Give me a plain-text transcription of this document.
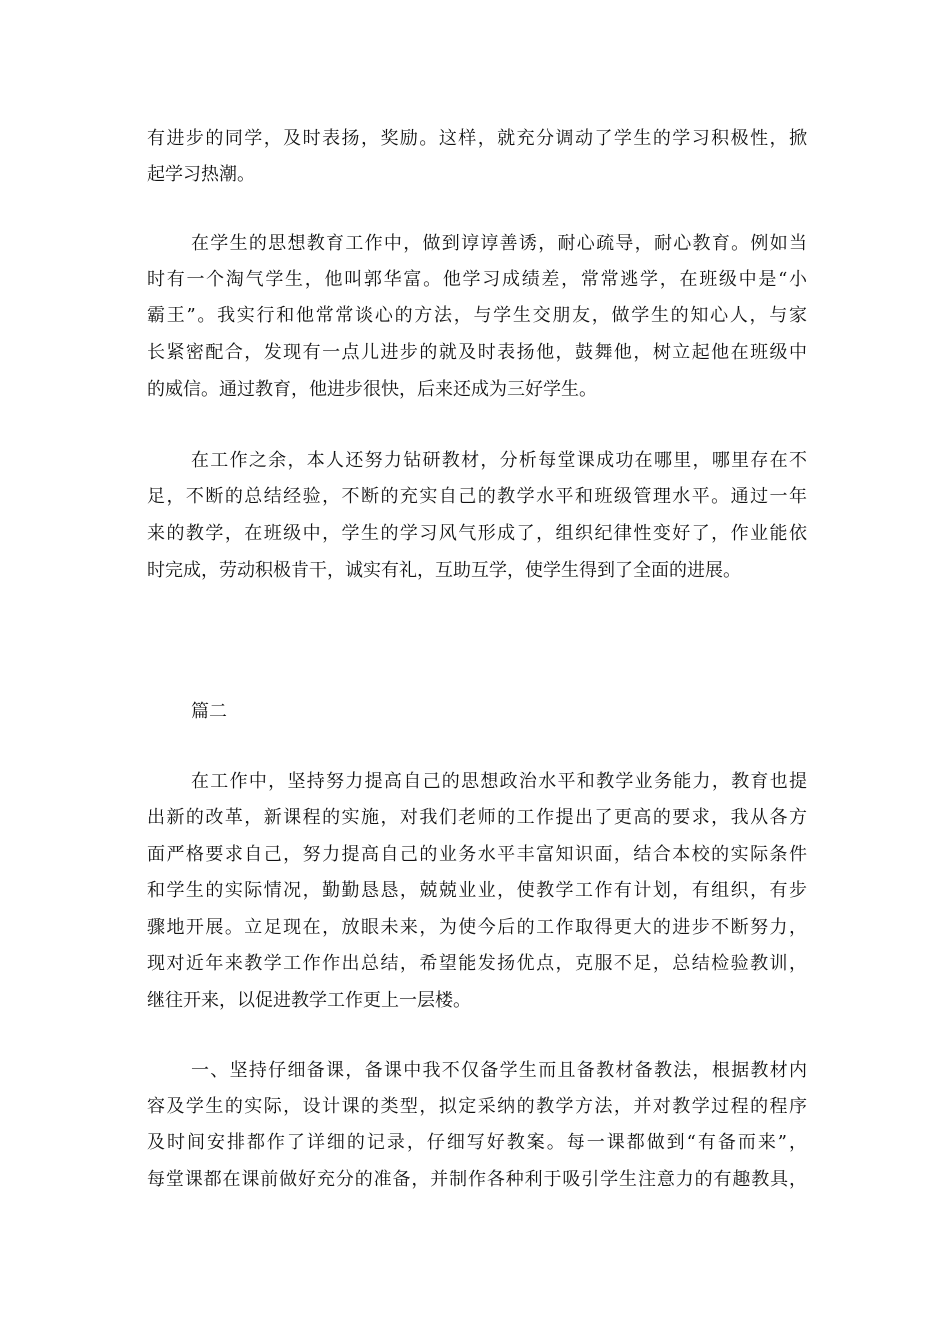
有进步的同学，及时表扬，奖励。这样，就充分调动了学生的学习积极性，掀
起学习热潮。
在学生的思想教育工作中，做到谆谆善诱，耐心疏导，耐心教育。例如当
时有一个淘气学生，他叫郭华富。他学习成绩差，常常逃学，在班级中是“小
霸王”。我实行和他常常谈心的方法，与学生交朋友，做学生的知心人，与家
长紧密配合，发现有一点儿进步的就及时表扬他，鼓舞他，树立起他在班级中
的威信。通过教育，他进步很快，后来还成为三好学生。
在工作之余，本人还努力钻研教材，分析每堂课成功在哪里，哪里存在不
足，不断的总结经验，不断的充实自己的教学水平和班级管理水平。通过一年
来的教学，在班级中，学生的学习风气形成了，组织纪律性变好了，作业能依
时完成，劳动积极肯干，诚实有礼，互助互学，使学生得到了全面的进展。
篇二
在工作中，坚持努力提高自己的思想政治水平和教学业务能力，教育也提
出新的改革，新课程的实施，对我们老师的工作提出了更高的要求，我从各方
面严格要求自己，努力提高自己的业务水平丰富知识面，结合本校的实际条件
和学生的实际情况，勤勤恳恳，兢兢业业，使教学工作有计划，有组织，有步
骤地开展。立足现在，放眼未来，为使今后的工作取得更大的进步不断努力，
现对近年来教学工作作出总结，希望能发扬优点，克服不足，总结检验教训，
继往开来，以促进教学工作更上一层楼。
一、坚持仔细备课，备课中我不仅备学生而且备教材备教法，根据教材内
容及学生的实际，设计课的类型，拟定采纳的教学方法，并对教学过程的程序
及时间安排都作了详细的记录，仔细写好教案。每一课都做到“有备而来”，
每堂课都在课前做好充分的准备，并制作各种利于吸引学生注意力的有趣教具，
